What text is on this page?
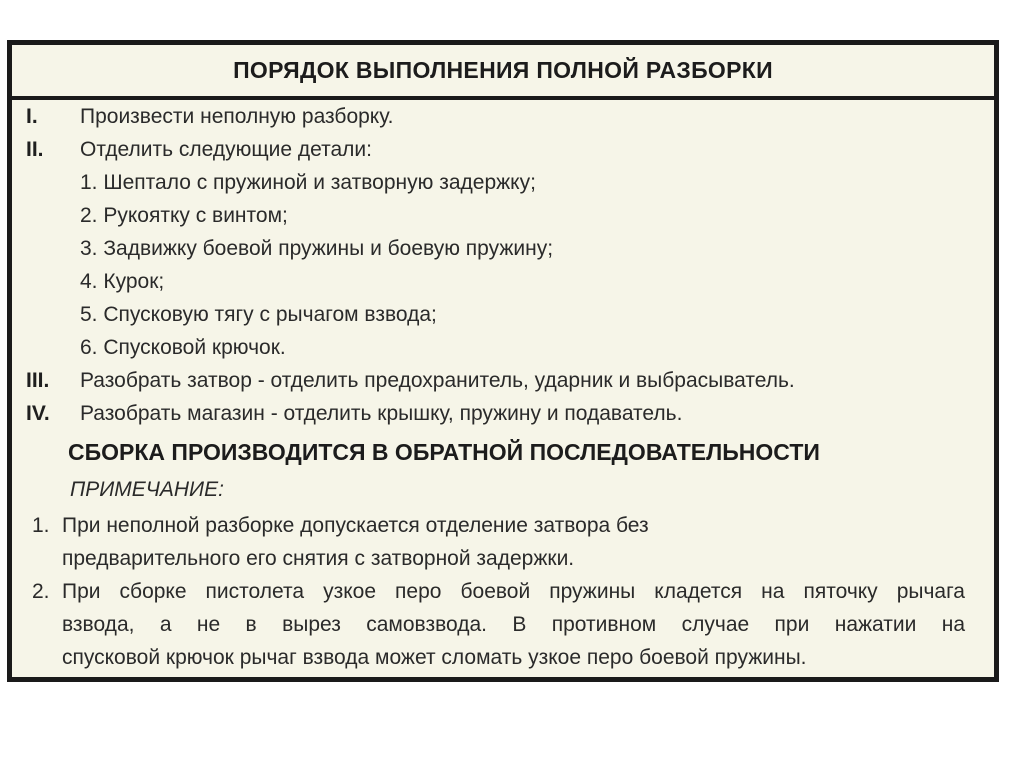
ПОРЯДОК ВЫПОЛНЕНИЯ ПОЛНОЙ РАЗБОРКИ
I. Произвести неполную разборку.
II. Отделить следующие детали:
1. Шептало с пружиной и затворную задержку;
2. Рукоятку с винтом;
3. Задвижку боевой пружины и боевую пружину;
4. Курок;
5. Спусковую тягу с рычагом взвода;
6. Спусковой крючок.
III. Разобрать затвор - отделить предохранитель, ударник и выбрасыватель.
IV. Разобрать магазин - отделить крышку, пружину и подаватель.
СБОРКА ПРОИЗВОДИТСЯ В ОБРАТНОЙ ПОСЛЕДОВАТЕЛЬНОСТИ
ПРИМЕЧАНИЕ:
1. При неполной разборке допускается отделение затвора без
предварительного его снятия с затворной задержки.
2. При сборке пистолета узкое перо боевой пружины кладется на пяточку рычага
взвода, а не в вырез самовзвода. В противном случае при нажатии на
спусковой крючок рычаг взвода может сломать узкое перо боевой пружины.
